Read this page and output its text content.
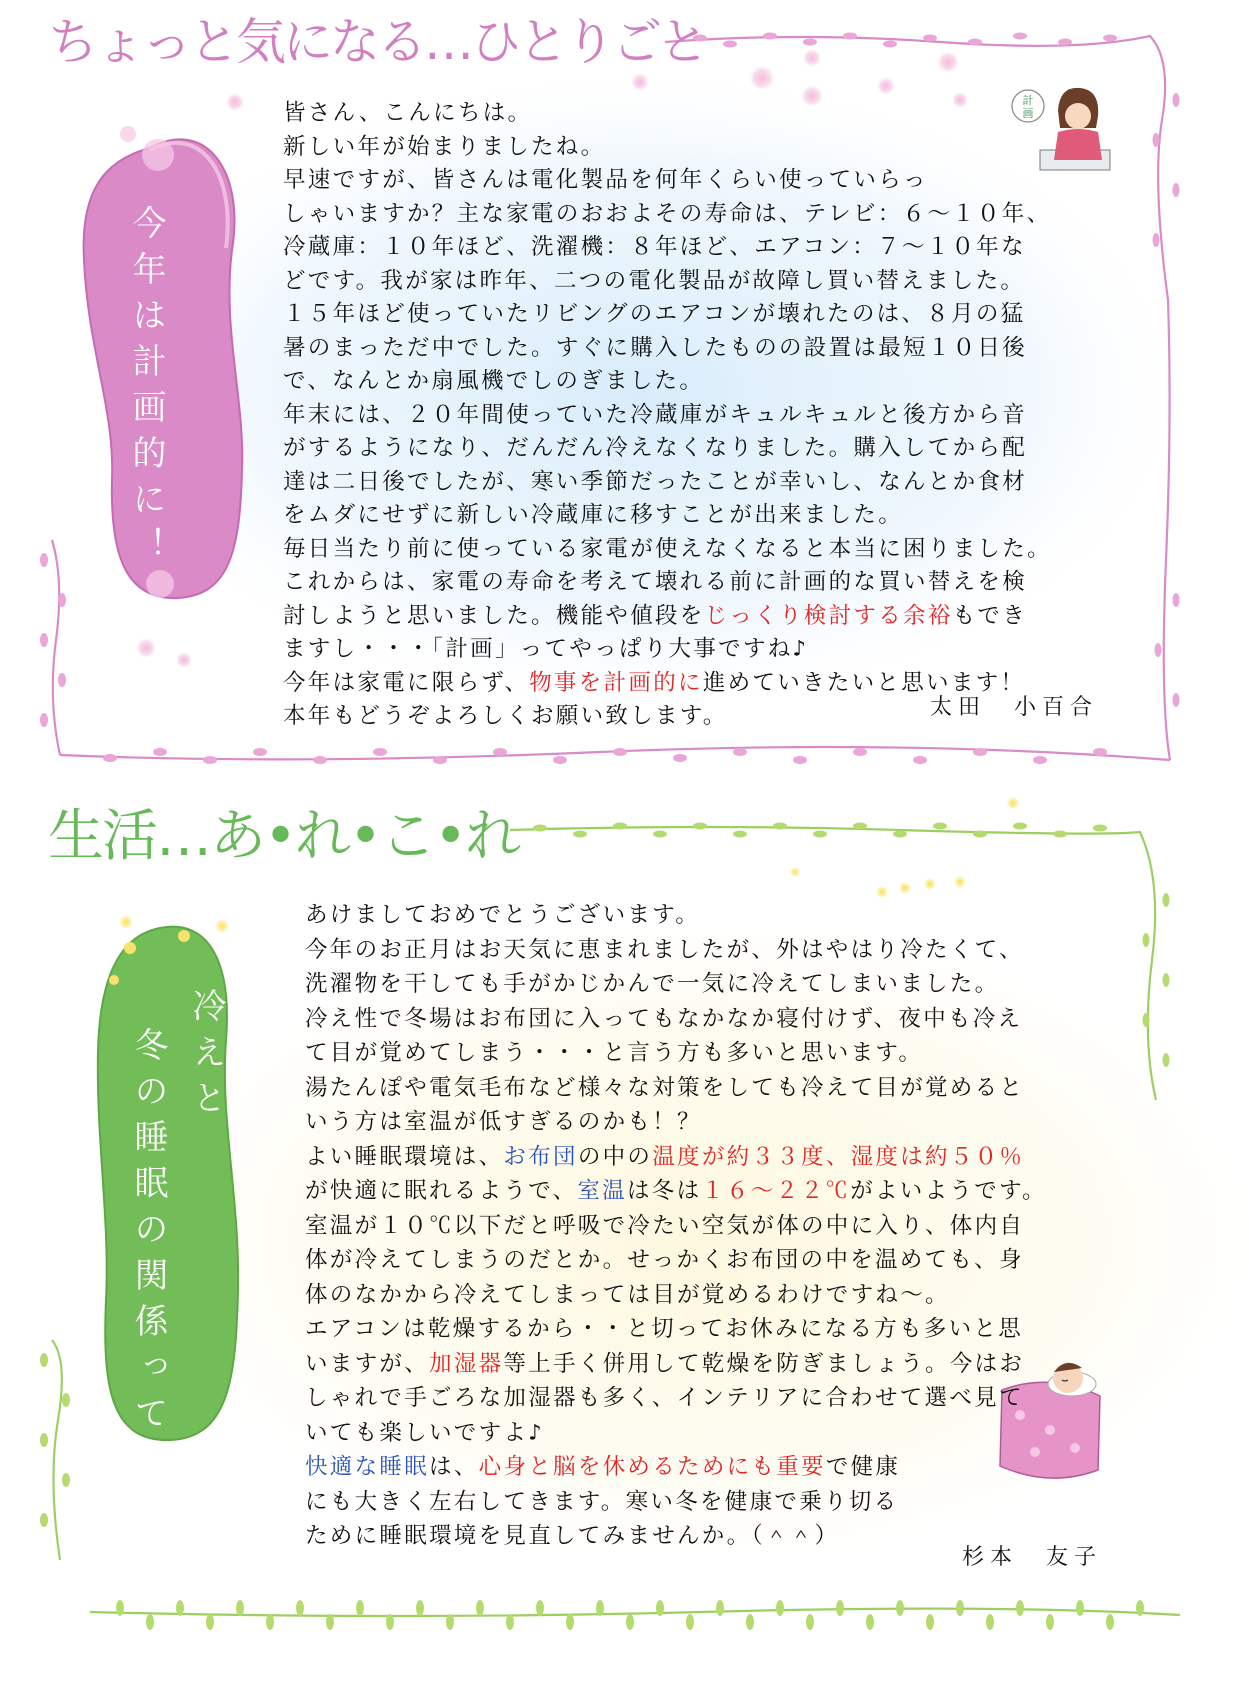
計
画
ちょっと気になる…ひとりごと
生活…あ•れ•こ•れ
今年は計画的に！
冷えと
冬の睡眠の関係って？
皆さん、こんにちは。
新しい年が始まりましたね。
早速ですが、皆さんは電化製品を何年くらい使っていらっ
しゃいますか？主な家電のおおよその寿命は、テレビ：６～１０年、
冷蔵庫：１０年ほど、洗濯機：８年ほど、エアコン：７～１０年な
どです。我が家は昨年、二つの電化製品が故障し買い替えました。
１５年ほど使っていたリビングのエアコンが壊れたのは、８月の猛
暑のまっただ中でした。すぐに購入したものの設置は最短１０日後
で、なんとか扇風機でしのぎました。
年末には、２０年間使っていた冷蔵庫がキュルキュルと後方から音
がするようになり、だんだん冷えなくなりました。購入してから配
達は二日後でしたが、寒い季節だったことが幸いし、なんとか食材
をムダにせずに新しい冷蔵庫に移すことが出来ました。
毎日当たり前に使っている家電が使えなくなると本当に困りました。
これからは、家電の寿命を考えて壊れる前に計画的な買い替えを検
討しようと思いました。機能や値段をじっくり検討する余裕もでき
ますし・・・「計画」ってやっぱり大事ですね♪
今年は家電に限らず、物事を計画的に進めていきたいと思います！
本年もどうぞよろしくお願い致します。
あけましておめでとうございます。
今年のお正月はお天気に恵まれましたが、外はやはり冷たくて、
洗濯物を干しても手がかじかんで一気に冷えてしまいました。
冷え性で冬場はお布団に入ってもなかなか寝付けず、夜中も冷え
て目が覚めてしまう・・・と言う方も多いと思います。
湯たんぽや電気毛布など様々な対策をしても冷えて目が覚めると
いう方は室温が低すぎるのかも！？
よい睡眠環境は、お布団の中の温度が約３３度、湿度は約５０％
が快適に眠れるようで、室温は冬は１６～２２℃がよいようです。
室温が１０℃以下だと呼吸で冷たい空気が体の中に入り、体内自
体が冷えてしまうのだとか。せっかくお布団の中を温めても、身
体のなかから冷えてしまっては目が覚めるわけですね～。
エアコンは乾燥するから・・と切ってお休みになる方も多いと思
いますが、加湿器等上手く併用して乾燥を防ぎましょう。今はお
しゃれで手ごろな加湿器も多く、インテリアに合わせて選べ見て
いても楽しいですよ♪
快適な睡眠は、心身と脳を休めるためにも重要で健康
にも大きく左右してきます。寒い冬を健康で乗り切る
ために睡眠環境を見直してみませんか。（＾＾）
太田　小百合
杉本　友子
